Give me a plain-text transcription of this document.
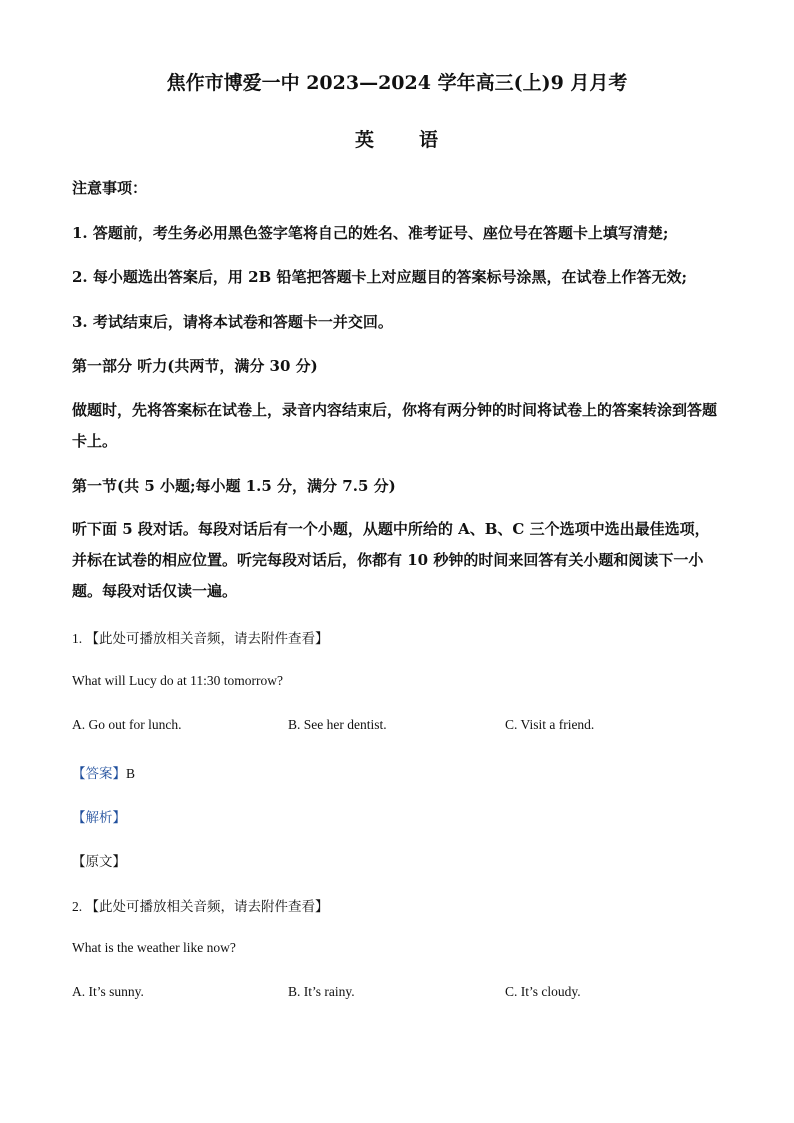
焦作市博爱一中 2023—2024 学年高三(上)9 月月考
英 语
注意事项：
1. 答题前，考生务必用黑色签字笔将自己的姓名、准考证号、座位号在答题卡上填写清楚;
2. 每小题选出答案后，用 2B 铅笔把答题卡上对应题目的答案标号涂黑，在试卷上作答无效;
3. 考试结束后，请将本试卷和答题卡一并交回。
第一部分 听力(共两节，满分 30 分)
做题时，先将答案标在试卷上，录音内容结束后，你将有两分钟的时间将试卷上的答案转涂到答题卡上。
第一节(共 5 小题;每小题 1.5 分，满分 7.5 分)
听下面 5 段对话。每段对话后有一个小题，从题中所给的 A、B、C 三个选项中选出最佳选项，并标在试卷的相应位置。听完每段对话后，你都有 10 秒钟的时间来回答有关小题和阅读下一小题。每段对话仅读一遍。
1. 【此处可播放相关音频，请去附件查看】
What will Lucy do at 11:30 tomorrow?
A. Go out for lunch.	B. See her dentist.	C. Visit a friend.
【答案】B
【解析】
【原文】
2. 【此处可播放相关音频，请去附件查看】
What is the weather like now?
A. It’s sunny.	B. It’s rainy.	C. It’s cloudy.
